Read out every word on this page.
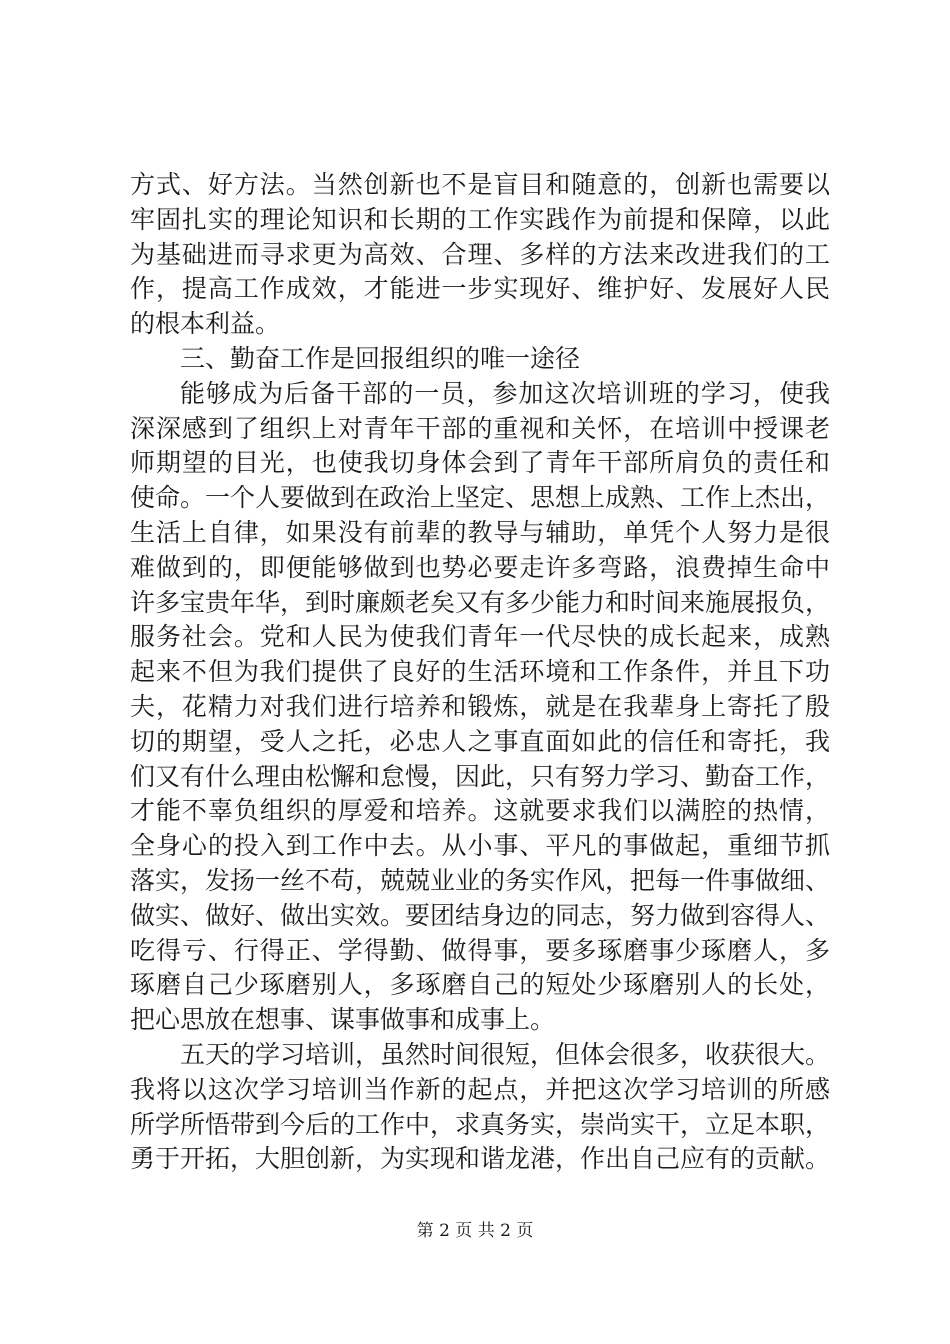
方式、好方法。当然创新也不是盲目和随意的，创新也需要以
牢固扎实的理论知识和长期的工作实践作为前提和保障，以此
为基础进而寻求更为高效、合理、多样的方法来改进我们的工
作，提高工作成效，才能进一步实现好、维护好、发展好人民
的根本利益。
三、勤奋工作是回报组织的唯一途径
能够成为后备干部的一员，参加这次培训班的学习，使我
深深感到了组织上对青年干部的重视和关怀，在培训中授课老
师期望的目光，也使我切身体会到了青年干部所肩负的责任和
使命。一个人要做到在政治上坚定、思想上成熟、工作上杰出，
生活上自律，如果没有前辈的教导与辅助，单凭个人努力是很
难做到的，即便能够做到也势必要走许多弯路，浪费掉生命中
许多宝贵年华，到时廉颇老矣又有多少能力和时间来施展报负，
服务社会。党和人民为使我们青年一代尽快的成长起来，成熟
起来不但为我们提供了良好的生活环境和工作条件，并且下功
夫，花精力对我们进行培养和锻炼，就是在我辈身上寄托了殷
切的期望，受人之托，必忠人之事直面如此的信任和寄托，我
们又有什么理由松懈和怠慢，因此，只有努力学习、勤奋工作，
才能不辜负组织的厚爱和培养。这就要求我们以满腔的热情，
全身心的投入到工作中去。从小事、平凡的事做起，重细节抓
落实，发扬一丝不苟，兢兢业业的务实作风，把每一件事做细、
做实、做好、做出实效。要团结身边的同志，努力做到容得人、
吃得亏、行得正、学得勤、做得事，要多琢磨事少琢磨人，多
琢磨自己少琢磨别人，多琢磨自己的短处少琢磨别人的长处，
把心思放在想事、谋事做事和成事上。
五天的学习培训，虽然时间很短，但体会很多，收获很大。
我将以这次学习培训当作新的起点，并把这次学习培训的所感
所学所悟带到今后的工作中，求真务实，崇尚实干，立足本职，
勇于开拓，大胆创新，为实现和谐龙港，作出自己应有的贡献。
第 2 页 共 2 页
